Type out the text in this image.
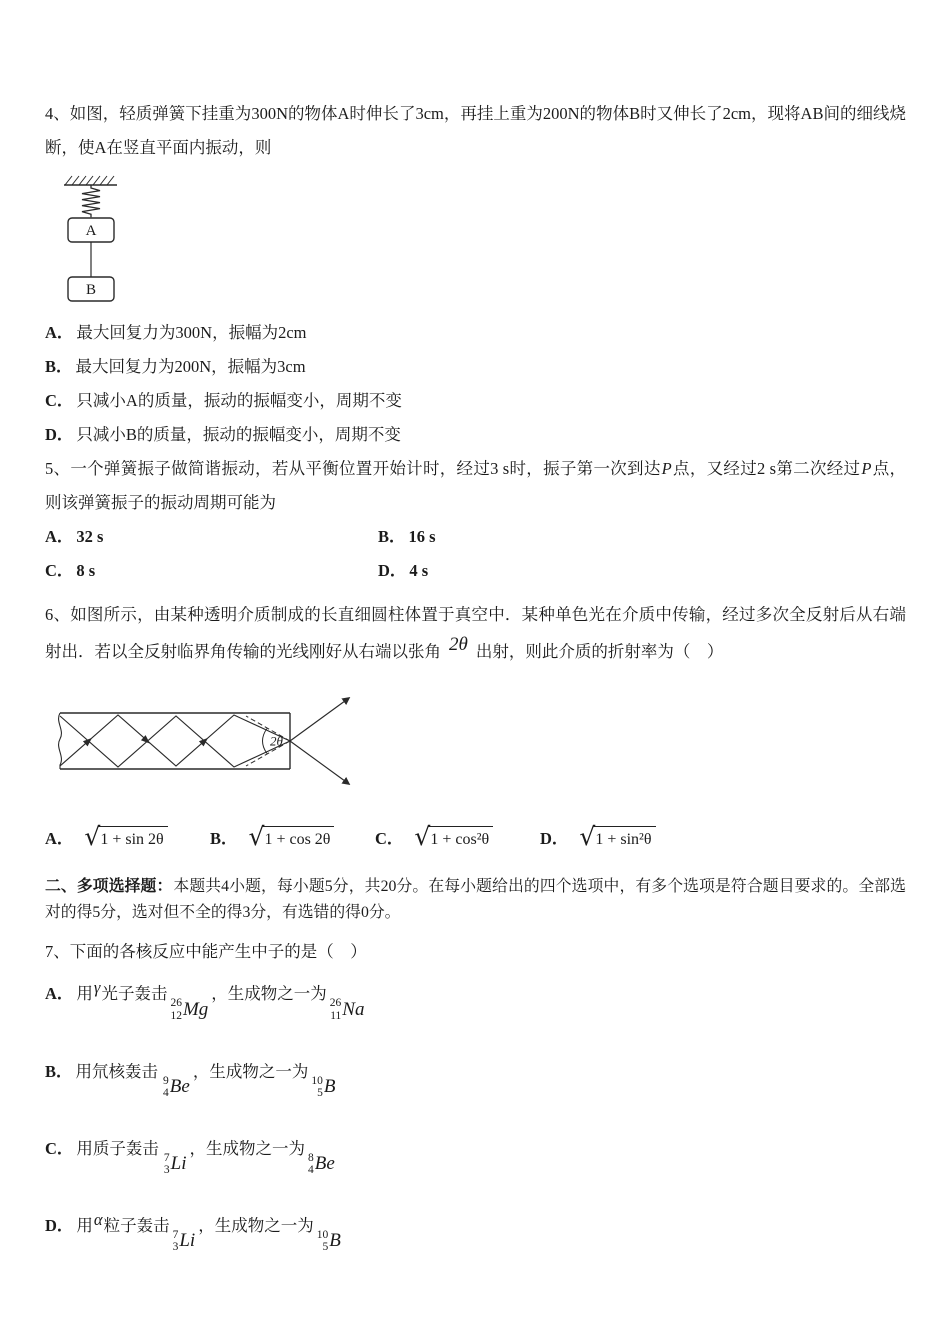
4、如图，轻质弹簧下挂重为300N的物体A时伸长了3cm，再挂上重为200N的物体B时又伸长了2cm，现将AB间的细线烧断，使A在竖直平面内振动，则

A
B

A． 最大回复力为300N，振幅为2cm

B． 最大回复力为200N，振幅为3cm

C． 只减小A的质量，振动的振幅变小，周期不变

D． 只减小B的质量，振动的振幅变小，周期不变

5、一个弹簧振子做简谐振动，若从平衡位置开始计时，经过3 s时，振子第一次到达P点，又经过2 s第二次经过P点，则该弹簧振子的振动周期可能为

A． 32 s	B． 16 s

C． 8 s	D． 4 s

6、如图所示，由某种透明介质制成的长直细圆柱体置于真空中．某种单色光在介质中传输，经过多次全反射后从右端射出．若以全反射临界角传输的光线刚好从右端以张角 2θ 出射，则此介质的折射率为（　）

2θ
A． √ 1 + sin 2θ	B． √ 1 + cos 2θ	C． √ 1 + cos²θ	D． √ 1 + sin²θ

二、多项选择题：本题共4小题，每小题5分，共20分。在每小题给出的四个选项中，有多个选项是符合题目要求的。全部选对的得5分，选对但不全的得3分，有选错的得0分。

7、下面的各核反应中能产生中子的是（　）

A． 用γ光子轰击 26
12 Mg
，生成物之一为 26
11 Na

B． 用氘核轰击 9
4 Be
，生成物之一为 10
5 B

C． 用质子轰击 7
3 Li
，生成物之一为 8
4 Be

D． 用α粒子轰击 7
3 Li
，生成物之一为 10
5 B
